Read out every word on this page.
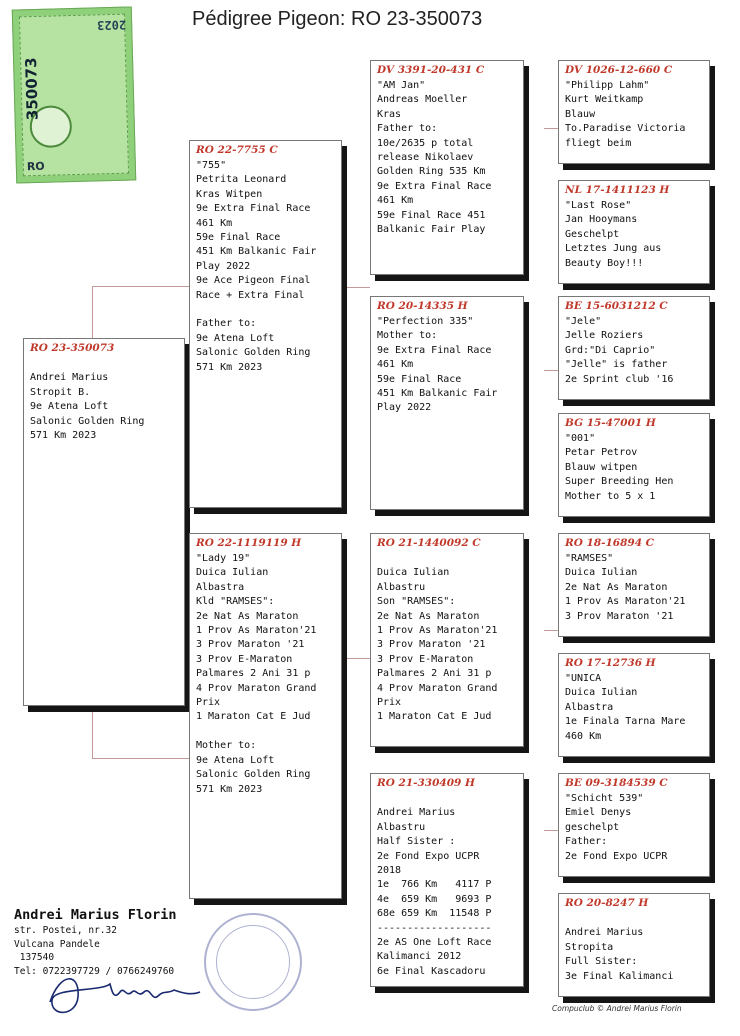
Pédigree Pigeon: RO 23-350073
2023
350073
RO
RO 23-350073

Andrei Marius
Stropit B.
9e Atena Loft
Salonic Golden Ring
571 Km 2023
RO 22-7755 C
"755"
Petrita Leonard
Kras Witpen
9e Extra Final Race
461 Km
59e Final Race
451 Km Balkanic Fair
Play 2022
9e Ace Pigeon Final
Race + Extra Final

Father to:
9e Atena Loft
Salonic Golden Ring
571 Km 2023
RO 22-1119119 H
"Lady 19"
Duica Iulian
Albastra
Kld "RAMSES":
2e Nat As Maraton
1 Prov As Maraton'21
3 Prov Maraton '21
3 Prov E-Maraton
Palmares 2 Ani 31 p
4 Prov Maraton Grand
Prix
1 Maraton Cat E Jud

Mother to:
9e Atena Loft
Salonic Golden Ring
571 Km 2023
DV 3391-20-431 C
"AM Jan"
Andreas Moeller
Kras
Father to:
10e/2635 p total
release Nikolaev
Golden Ring 535 Km
9e Extra Final Race
461 Km
59e Final Race 451
Balkanic Fair Play
RO 20-14335 H
"Perfection 335"
Mother to:
9e Extra Final Race
461 Km
59e Final Race
451 Km Balkanic Fair
Play 2022
RO 21-1440092 C

Duica Iulian
Albastru
Son "RAMSES":
2e Nat As Maraton
1 Prov As Maraton'21
3 Prov Maraton '21
3 Prov E-Maraton
Palmares 2 Ani 31 p
4 Prov Maraton Grand
Prix
1 Maraton Cat E Jud
RO 21-330409 H

Andrei Marius
Albastru
Half Sister :
2e Fond Expo UCPR
2018
1e  766 Km   4117 P
4e  659 Km   9693 P
68e 659 Km  11548 P
-------------------
2e AS One Loft Race
Kalimanci 2012
6e Final Kascadoru
DV 1026-12-660 C
"Philipp Lahm"
Kurt Weitkamp
Blauw
To.Paradise Victoria
fliegt beim
NL 17-1411123 H
"Last Rose"
Jan Hooymans
Geschelpt
Letztes Jung aus
Beauty Boy!!!
BE 15-6031212 C
"Jele"
Jelle Roziers
Grd:"Di Caprio"
"Jelle" is father
2e Sprint club '16
BG 15-47001 H
"001"
Petar Petrov
Blauw witpen
Super Breeding Hen
Mother to 5 x 1
RO 18-16894 C
"RAMSES"
Duica Iulian
2e Nat As Maraton
1 Prov As Maraton'21
3 Prov Maraton '21
RO 17-12736 H
"UNICA
Duica Iulian
Albastra
1e Finala Tarna Mare
460 Km
BE 09-3184539 C
"Schicht 539"
Emiel Denys
geschelpt
Father:
2e Fond Expo UCPR
RO 20-8247 H

Andrei Marius
Stropita
Full Sister:
3e Final Kalimanci
Andrei Marius Florin
str. Postei, nr.32
Vulcana Pandele
137540
Tel: 0722397729 / 0766249760
Compuclub © Andrei Marius Florin
